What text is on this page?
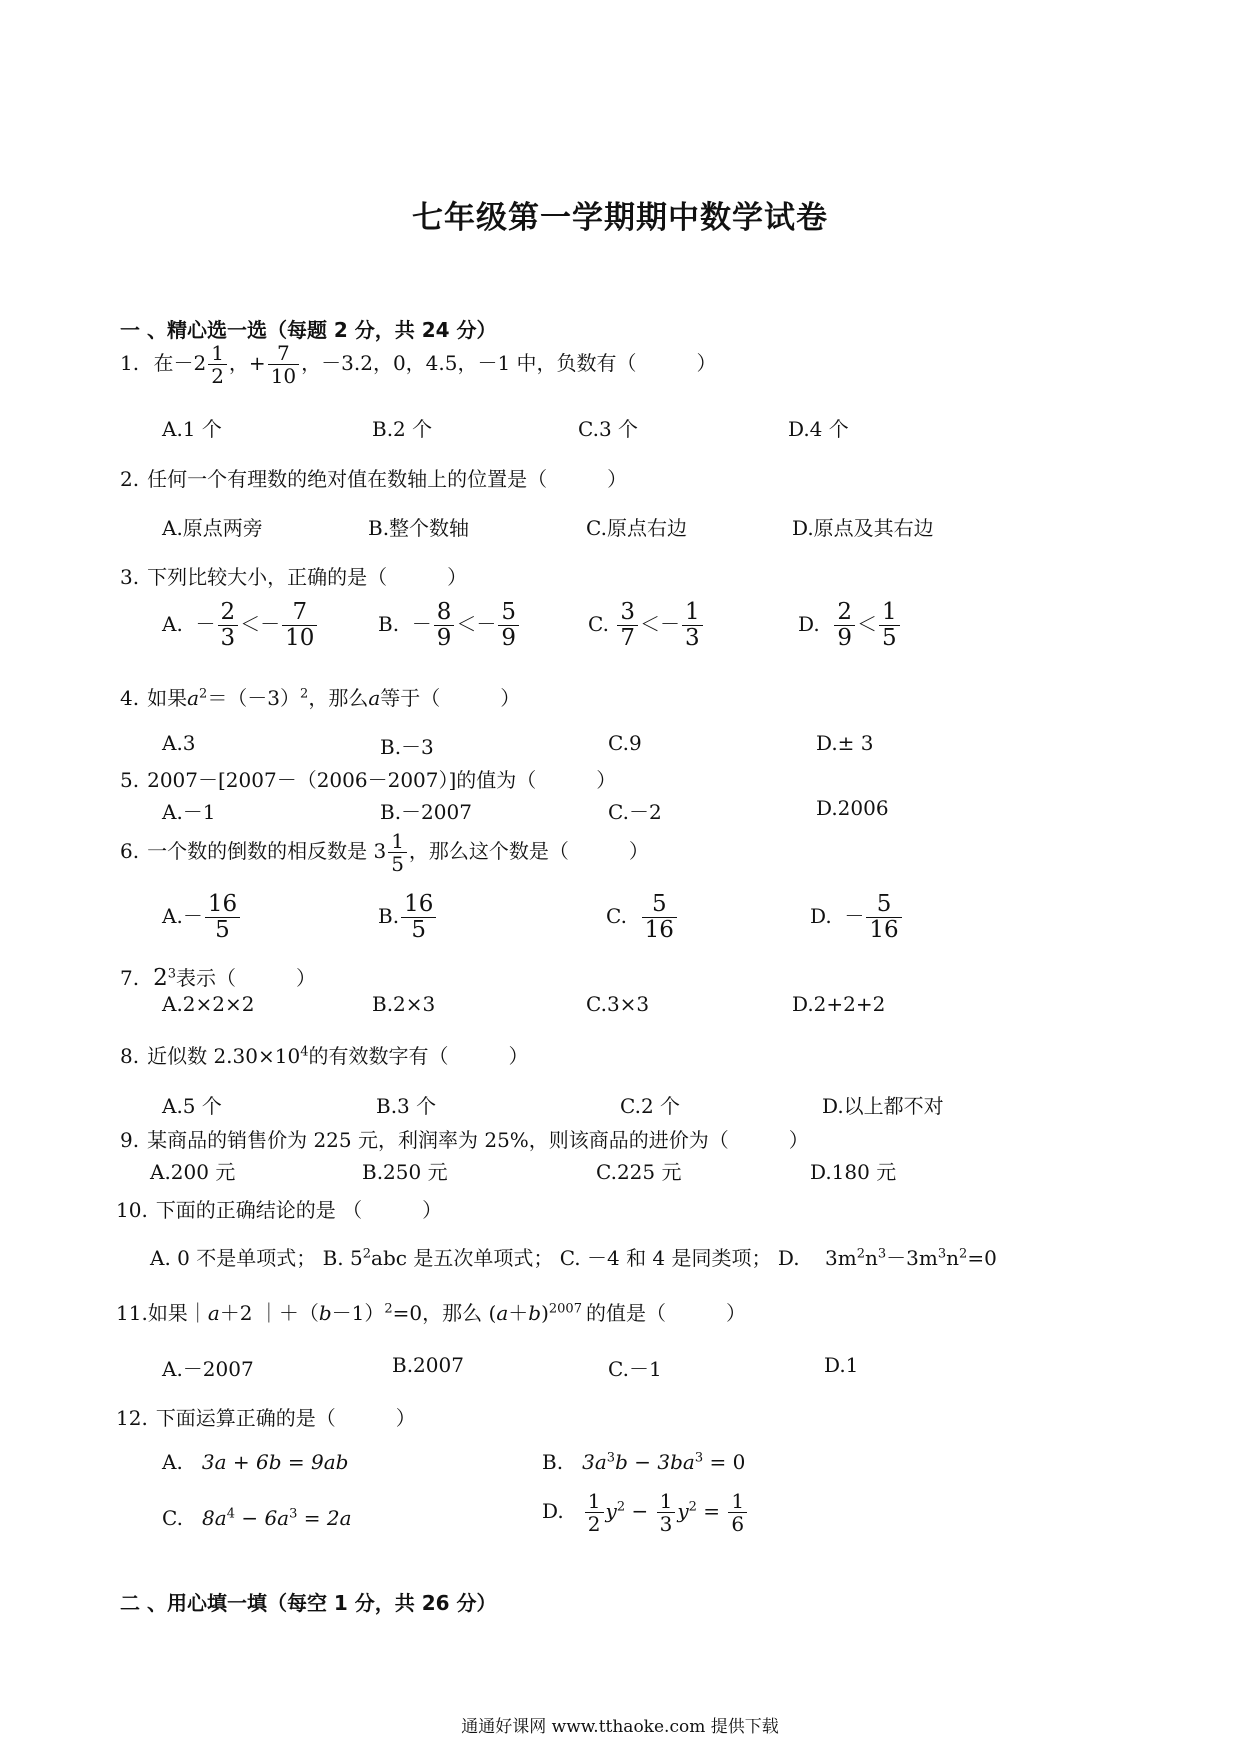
七年级第一学期期中数学试卷
一 、精心选一选（每题 2 分，共 24 分）
1. 在$-2 \frac{1}{2}$ ，+ $\frac{7}{10}$ ，－3.2，0，4.5，－1 中，负数有（　　　）
A.1 个	B.2 个	C.3 个	D.4 个
2. 任何一个有理数的绝对值在数轴上的位置是（　　　）
A.原点两旁	B.整个数轴	C.原点右边	D.原点及其右边
3. 下列比较大小，正确的是（　　　）
A. － $\frac{2}{3} <- \frac{7}{10}$	B. － $\frac{8}{9} <- \frac{5}{9}$	C. $\frac{3}{7} <- \frac{1}{3}$	D. $\frac{2}{9} < \frac{1}{5}$
4. 如果$a^2=(-3)^2$，那么a等于（　　　）
A.3	B.－3	C.9	D.± 3
5. 2007－[2007－（2006－2007）]的值为（　　　）
A.－1	B.－2007	C.－2	D.2006
6. 一个数的倒数的相反数是 $3 \frac{1}{5}$ ，那么这个数是（　　　）
$A.- \frac{16}{5}$	B. $\frac{16}{5}$	C. $\frac{5}{16}$	D. － $\frac{5}{16}$
7. $2^3$表示（　　　）
A.2×2×2	B.2×3	C.3×3	D.2+2+2
8. 近似数 $2.30\times 10^4$的有效数字有（　　　）
A.5 个	B.3 个	C.2 个	D.以上都不对
9. 某商品的销售价为 225 元，利润率为 25%，则该商品的进价为（　　　）
A.200 元	B.250 元	C.225 元	D.180 元
10. 下面的正确结论的是 （　　　）
A. 0 不是单项式； B. $5^2abc$ 是五次单项式； C. －4 和 4 是同类项； D. $3m^2n^3-3m^3n^2=0$
11.如果｜a＋2 $|+(b-1)^2=0$，那么 $(a+b)^{2007}$ 的值是（　　　）
A.－2007	B.2007	C.－1	D.1
12. 下面运算正确的是（　　　）
A. 3a + 6b = 9ab	B. $3a^3b - 3ba^3 = 0$
C. $8a^4 - 6a^3 = 2a$	D. $\frac{1}{2} y^2 - \frac{1}{3} y^2 = \frac{1}{6}$
二 、用心填一填（每空 1 分，共 26 分）
通通好课网 www.tthaoke.com 提供下载
